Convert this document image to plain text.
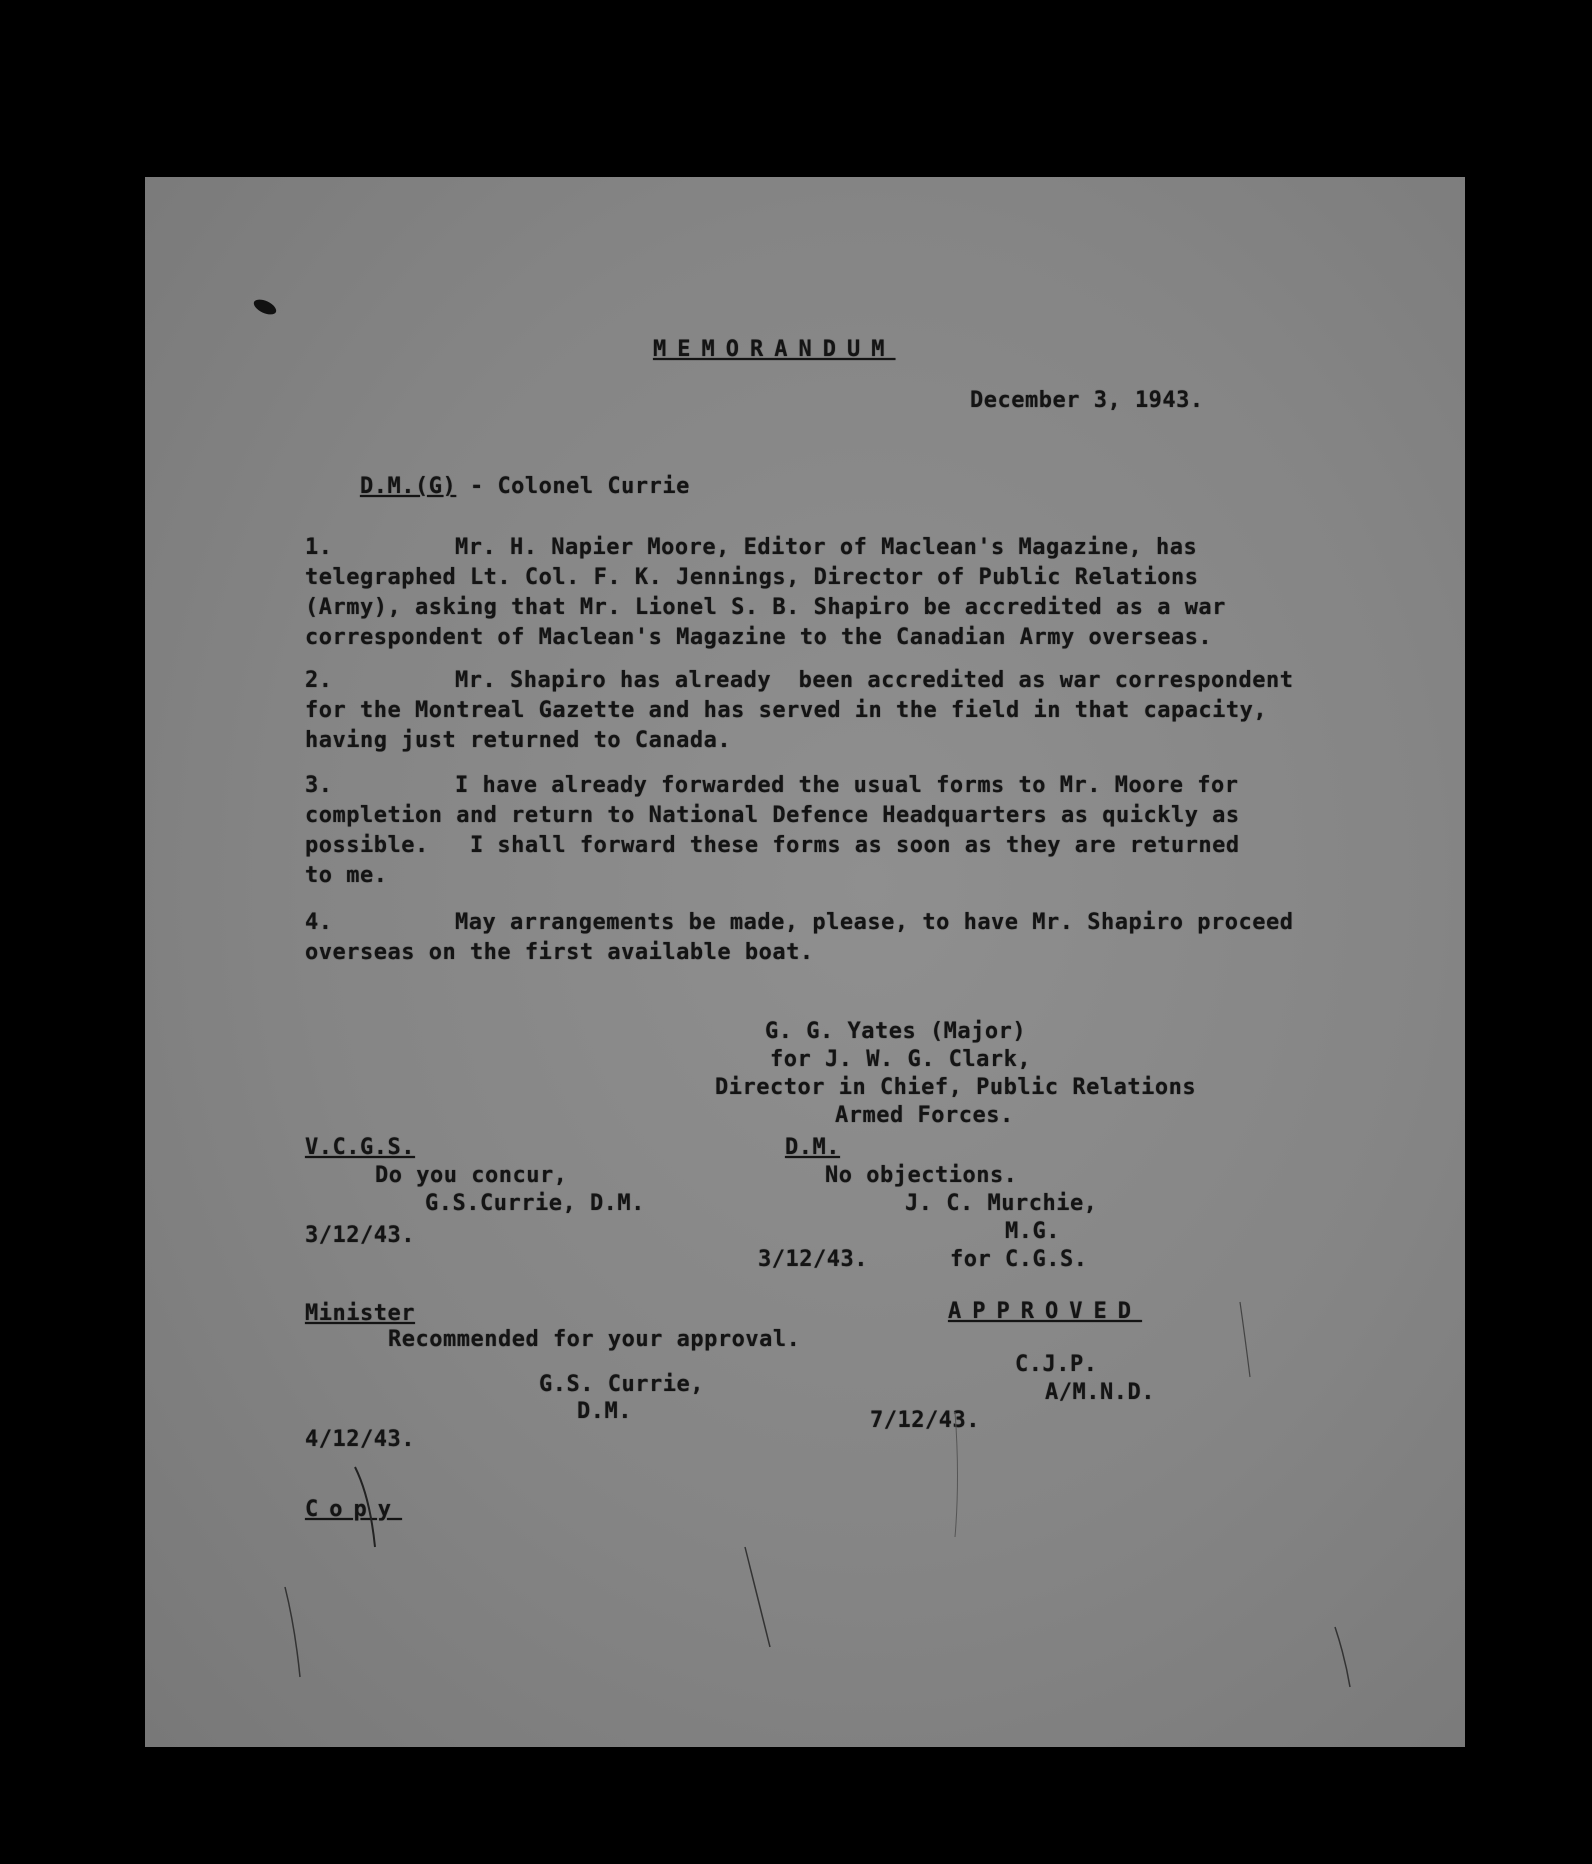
MEMORANDUM
December 3, 1943.

D.M.(G) - Colonel Currie

1.	Mr. H. Napier Moore, Editor of Maclean's Magazine, has
telegraphed Lt. Col. F. K. Jennings, Director of Public Relations
(Army), asking that Mr. Lionel S. B. Shapiro be accredited as a war
correspondent of Maclean's Magazine to the Canadian Army overseas.
2.	Mr. Shapiro has already  been accredited as war correspondent
for the Montreal Gazette and has served in the field in that capacity,
having just returned to Canada.
3.	I have already forwarded the usual forms to Mr. Moore for
completion and return to National Defence Headquarters as quickly as
possible.   I shall forward these forms as soon as they are returned
to me.
4.	May arrangements be made, please, to have Mr. Shapiro proceed
overseas on the first available boat.
G. G. Yates (Major)
for J. W. G. Clark,
Director in Chief, Public Relations
Armed Forces.
V.C.G.S.
Do you concur,
G.S.Currie, D.M.
3/12/43.
D.M.
No objections.
J. C. Murchie,
M.G.
for C.G.S.
3/12/43.
Minister
Recommended for your approval.
G.S. Currie,
D.M.
4/12/43.
APPROVED
C.J.P.
A/M.N.D.
7/12/43.
Copy
